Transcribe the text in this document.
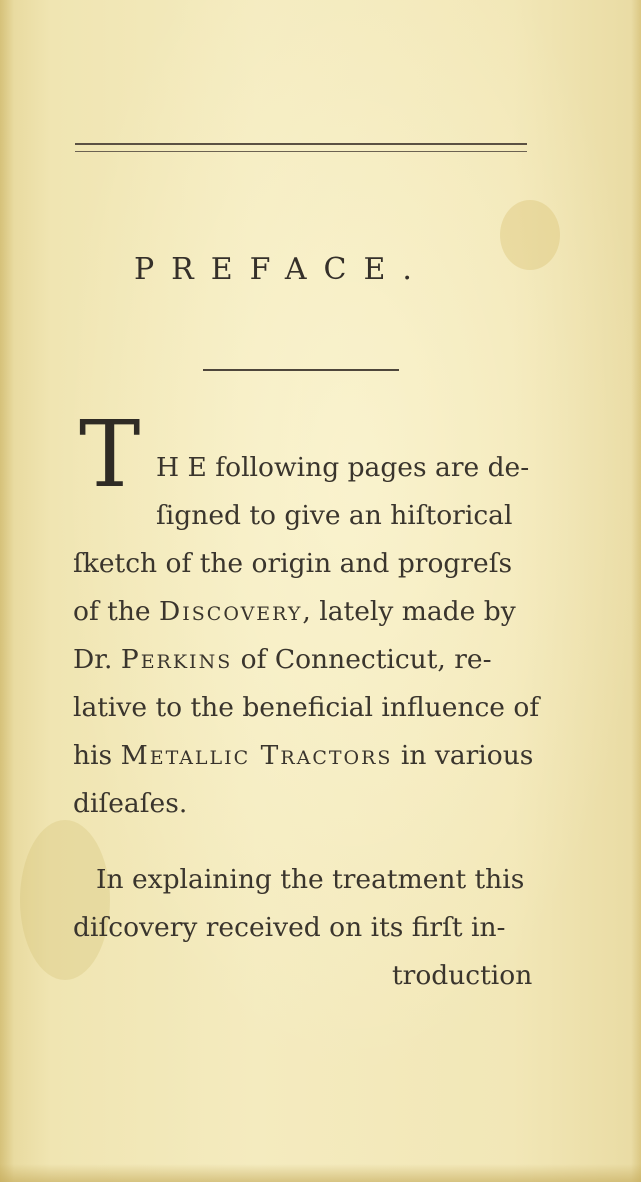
PREFACE.
T H E following pages are de-
ſigned to give an hiſtorical
ſketch of the origin and progreſs
of the Discovery, lately made by
Dr. Perkins of Connecticut, re-
lative to the beneficial influence of
his Metallic Tractors in various
diſeaſes.
In explaining the treatment this
diſcovery received on its firſt in-
troduction
